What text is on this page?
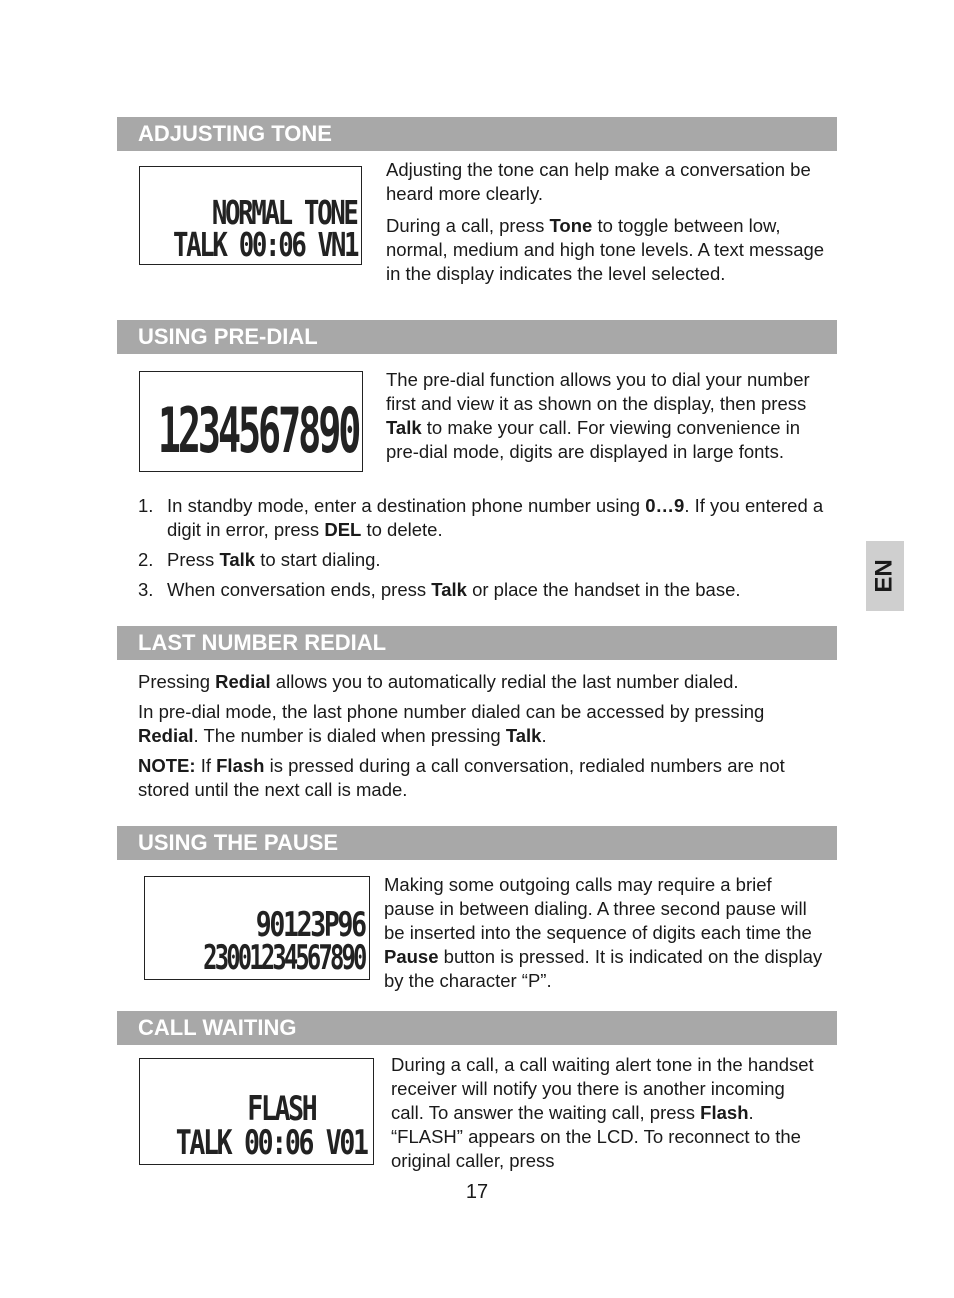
ADJUSTING TONE
NORMAL TONE
TALK 00:06 VN1

Adjusting the tone can help make a conversation be heard more clearly.

During a call, press Tone to toggle between low, normal, medium and high tone levels. A text message in the display indicates the level selected.

USING PRE-DIAL
1234567890

The pre-dial function allows you to dial your number first and view it as shown on the display, then press Talk to make your call. For viewing convenience in pre-dial mode, digits are displayed in large fonts.

1. In standby mode, enter a destination phone number using 0…9. If you entered a digit in error, press DEL to delete.

2. Press Talk to start dialing.

3. When conversation ends, press Talk or place the handset in the base.	EN
LAST NUMBER REDIAL

Pressing Redial allows you to automatically redial the last number dialed.

In pre-dial mode, the last phone number dialed can be accessed by pressing Redial. The number is dialed when pressing Talk.

NOTE: If Flash is pressed during a call conversation, redialed numbers are not stored until the next call is made.

USING THE PAUSE
90123P96
23001234567890

Making some outgoing calls may require a brief pause in between dialing. A three second pause will be inserted into the sequence of digits each time the Pause button is pressed. It is indicated on the display by the character “P”.

CALL WAITING
FLASH
TALK 00:06 V01

During a call, a call waiting alert tone in the handset receiver will notify you there is another incoming call. To answer the waiting call, press Flash. “FLASH” appears on the LCD. To reconnect to the original caller, press

17
